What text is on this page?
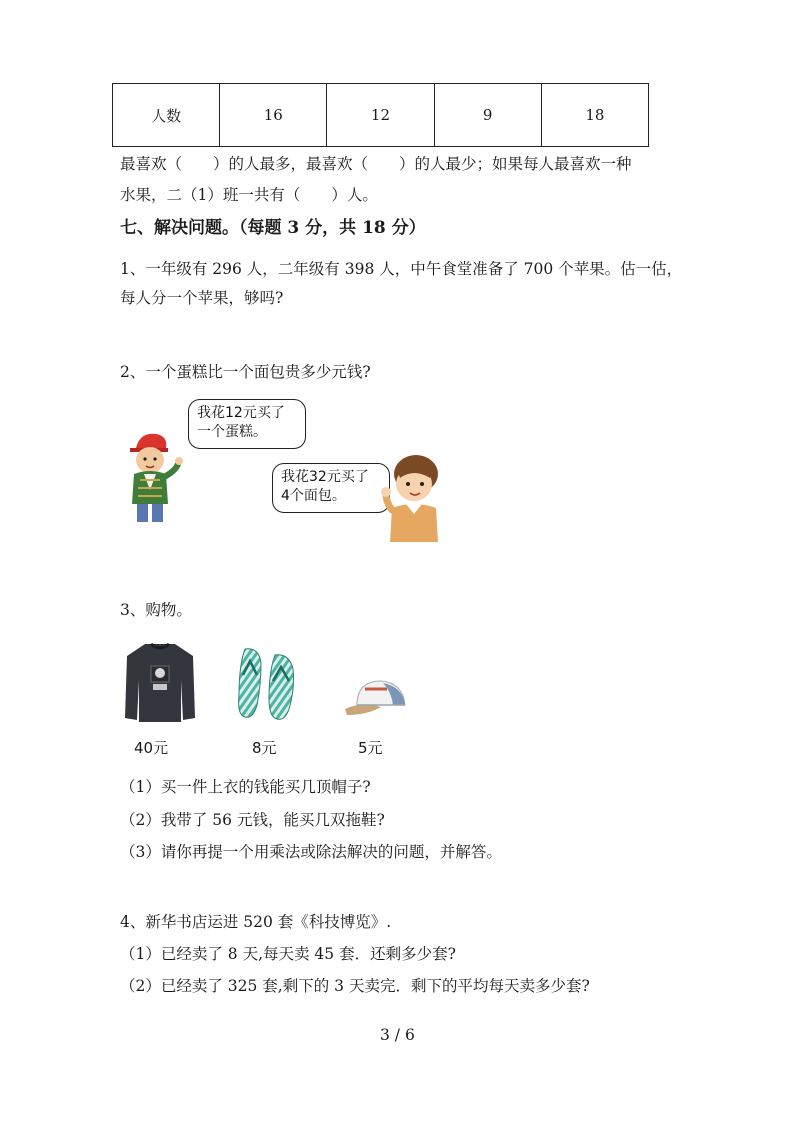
人数	16	12	9	18
最喜欢（　　）的人最多，最喜欢（　　）的人最少；如果每人最喜欢一种
水果，二（1）班一共有（　　）人。
七、解决问题。（每题 3 分，共 18 分）
1、一年级有 296 人，二年级有 398 人，中午食堂准备了 700 个苹果。估一估，
每人分一个苹果，够吗?
2、一个蛋糕比一个面包贵多少元钱?
我花12元买了
一个蛋糕。
我花32元买了
4个面包。
3、购物。
40元	8元	5元
（1）买一件上衣的钱能买几顶帽子?
（2）我带了 56 元钱，能买几双拖鞋?
（3）请你再提一个用乘法或除法解决的问题，并解答。
4、新华书店运进 520 套《科技博览》.
（1）已经卖了 8 天,每天卖 45 套．还剩多少套?
（2）已经卖了 325 套,剩下的 3 天卖完．剩下的平均每天卖多少套?
3 / 6
